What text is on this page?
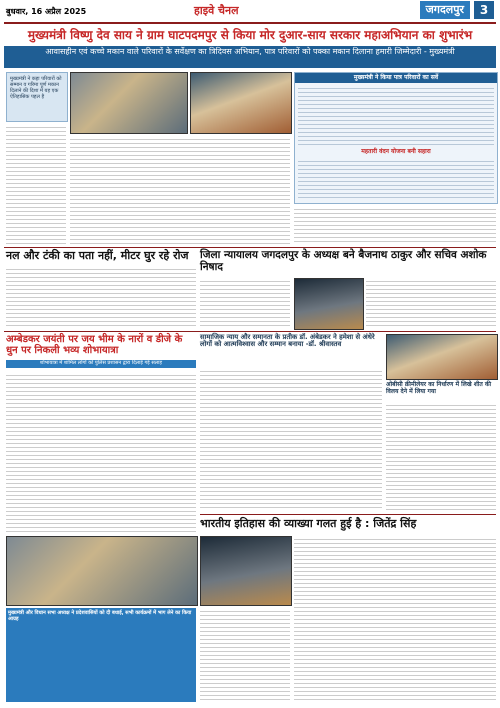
बुधवार, 16 अप्रैल 2025	हाइवे चैनल	जगदलपुर	3
मुख्यमंत्री विष्णु देव साय ने ग्राम घाटपदमपुर से किया मोर दुआर-साय सरकार महाअभियान का शुभारंभ
आवासहीन एवं कच्चे मकान वाले परिवारों के सर्वेक्षण का त्रिदिवस अभियान, पात्र परिवारों को पक्का मकान दिलाना हमारी जिम्मेदारी - मुख्यमंत्री
मुख्यमंत्री ने कहा परिवारों को सम्मान व गरिमा पूर्ण मकान दिलाने की दिशा में यह एक ऐतिहासिक पहल है
मुख्यमंत्री ने किया पात्र परिवारों का सर्वे
महतारी वंदन योजना बनी सहारा
नल और टंकी का पता नहीं, मीटर घुर रहे रोज	जिला न्यायालय जगदलपुर के अध्यक्ष बने बैजनाथ ठाकुर और सचिव अशोक निषाद
अम्बेडकर जयंती पर जय भीम के नारों व डीजे के धुन पर निकली भव्य शोभायात्रा
शोभायात्रा में शामिल लोगों को पुलिस प्रशासन द्वारा दिलाई गई सलाह
सामाजिक न्याय और समानता के प्रतीक डॉ. अंबेडकर ने हमेशा से अंधेरे लोगों को आत्मविश्वास और सम्मान बनाया -डॉ. श्रीवास्तव
ओबीसी क्रीमीलेयर का निर्धारण में लिखे शीत की विलय देने में लिया गया
भारतीय इतिहास की व्याख्या गलत हुई है : जितेंद्र सिंह
मुख्यमंत्री और विधान सभा अध्यक्ष ने प्रदेशवासियों को दी बधाई, सभी कार्यक्रमों में भाग लेने का किया आग्रह
